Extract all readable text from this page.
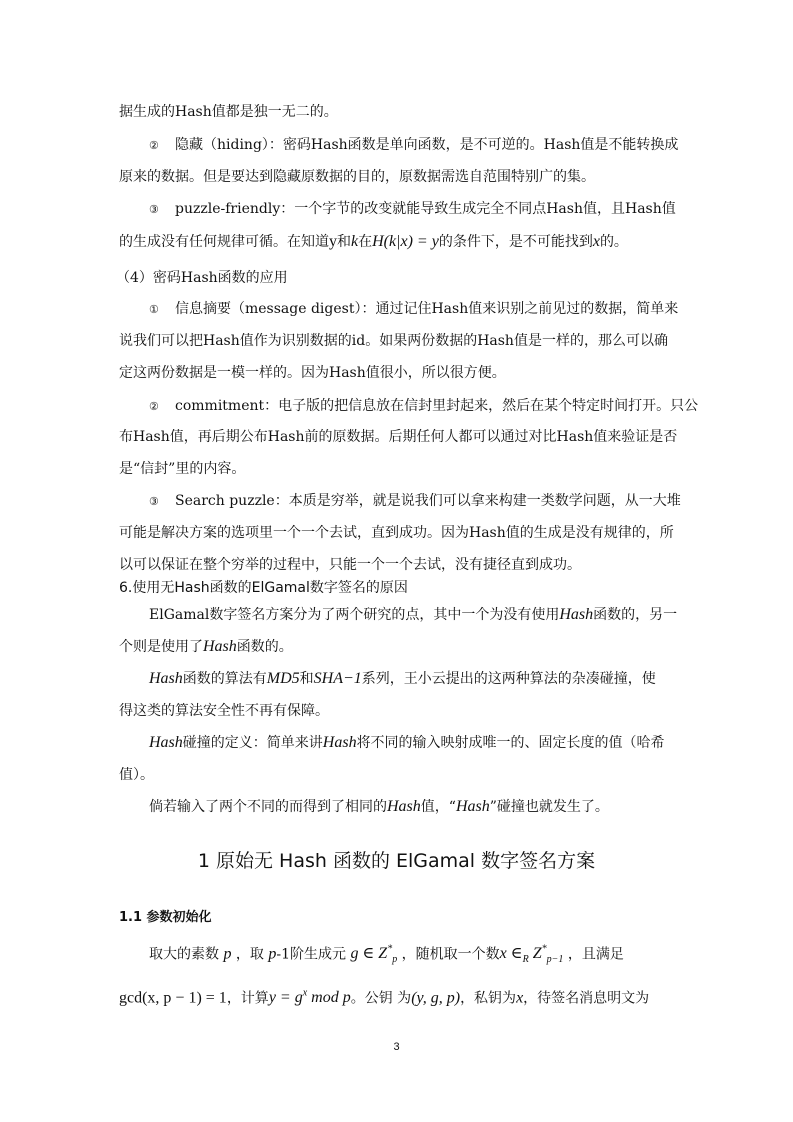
据生成的Hash值都是独一无二的。
② 隐藏（hiding）：密码Hash函数是单向函数，是不可逆的。Hash值是不能转换成
原来的数据。但是要达到隐藏原数据的目的，原数据需选自范围特别广的集。
③ puzzle-friendly：一个字节的改变就能导致生成完全不同点Hash值，且Hash值
的生成没有任何规律可循。在知道y和k在H(k|x) = y的条件下，是不可能找到x的。
（4）密码Hash函数的应用
① 信息摘要（message digest）：通过记住Hash值来识别之前见过的数据，简单来
说我们可以把Hash值作为识别数据的id。如果两份数据的Hash值是一样的，那么可以确
定这两份数据是一模一样的。因为Hash值很小，所以很方便。
② commitment：电子版的把信息放在信封里封起来，然后在某个特定时间打开。只公
布Hash值，再后期公布Hash前的原数据。后期任何人都可以通过对比Hash值来验证是否
是“信封”里的内容。
③ Search puzzle：本质是穷举，就是说我们可以拿来构建一类数学问题，从一大堆
可能是解决方案的选项里一个一个去试，直到成功。因为Hash值的生成是没有规律的，所
以可以保证在整个穷举的过程中，只能一个一个去试，没有捷径直到成功。
6.使用无Hash函数的ElGamal数字签名的原因
ElGamal数字签名方案分为了两个研究的点，其中一个为没有使用Hash函数的，另一
个则是使用了Hash函数的。
Hash函数的算法有MD5和SHA−1系列，王小云提出的这两种算法的杂凑碰撞，使
得这类的算法安全性不再有保障。
Hash碰撞的定义：简单来讲Hash将不同的输入映射成唯一的、固定长度的值（哈希
值）。
倘若输入了两个不同的而得到了相同的Hash值，“Hash”碰撞也就发生了。
1 原始无 Hash 函数的 ElGamal 数字签名方案
1.1 参数初始化
取大的素数 p ，取 p-1阶生成元 g ∈ $Z^*_p$ ，随机取一个数x $\in_R$ $Z^*_{p-1}$ ，且满足
gcd(x, p − 1) = 1，计算$y = g^x$ mod p。公钥 为(y, g, p)，私钥为x，待签名消息明文为
3
